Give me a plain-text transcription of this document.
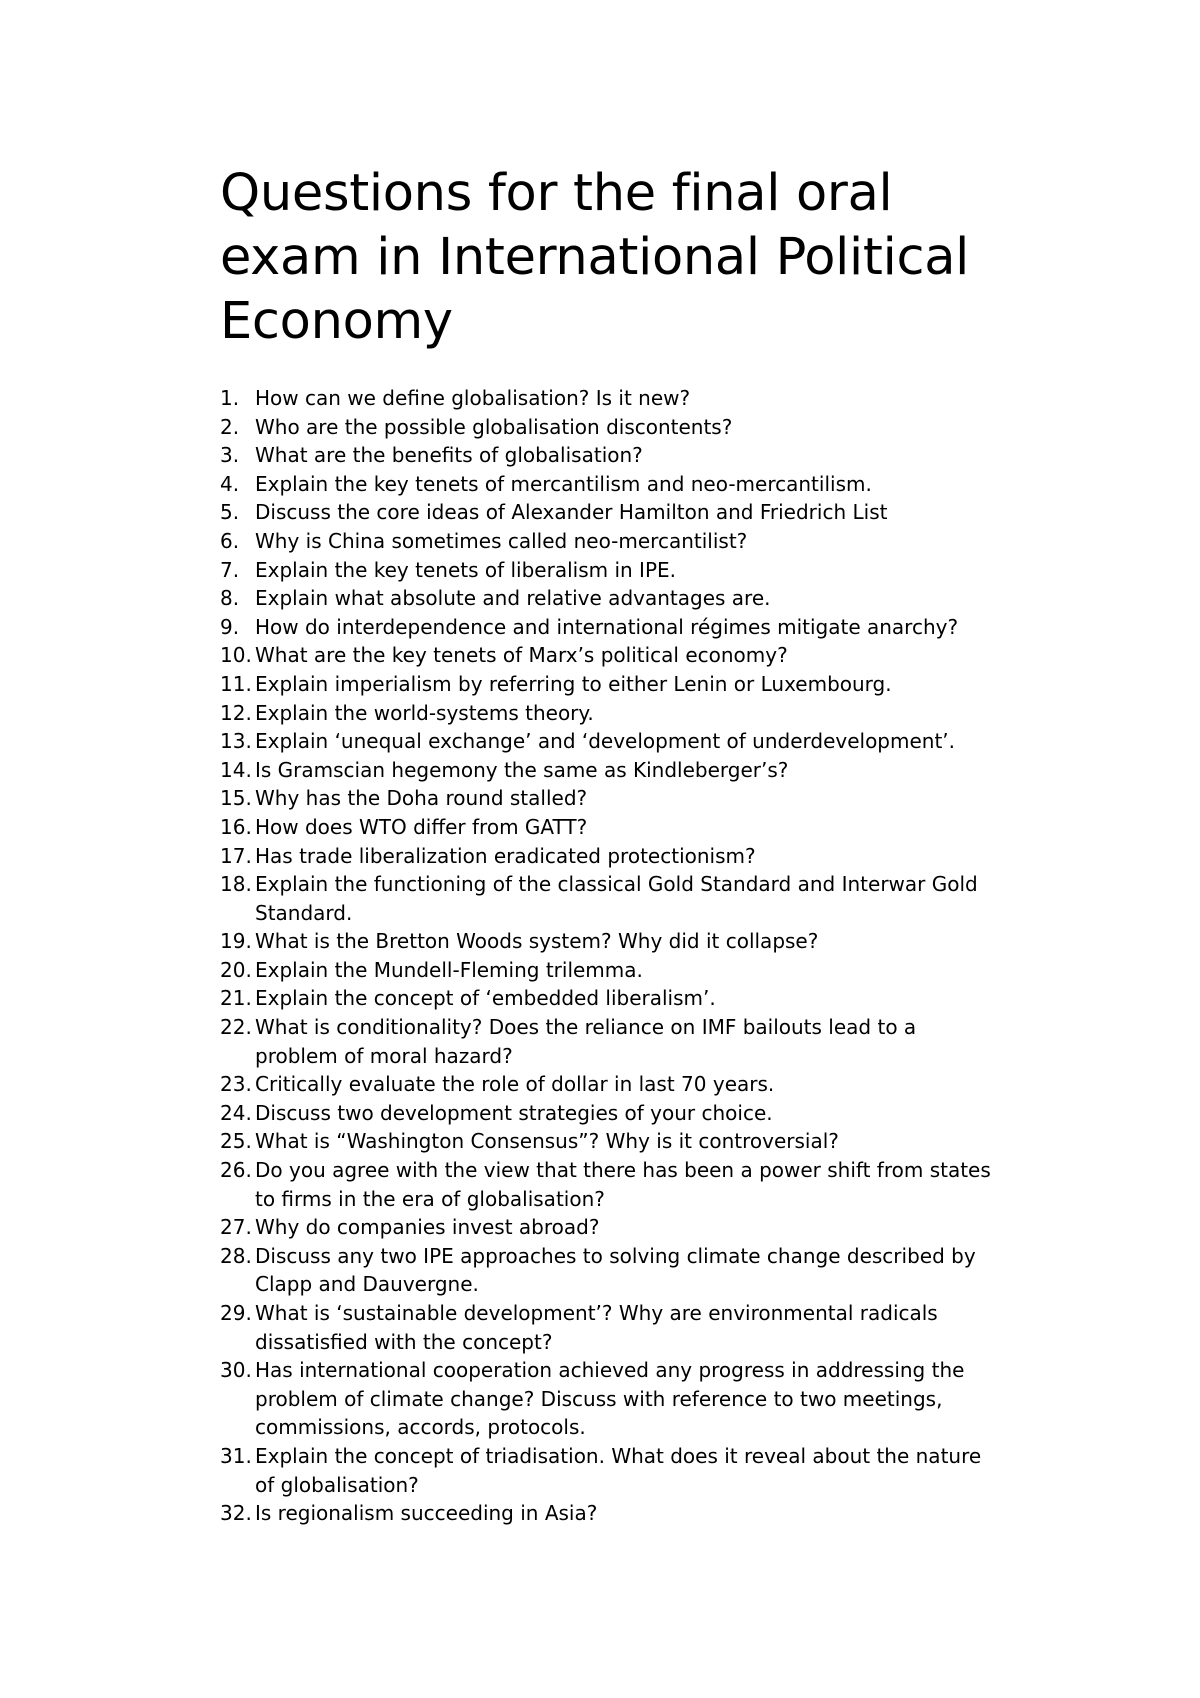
Questions for the final oral exam in International Political Economy
1. How can we define globalisation? Is it new?
2. Who are the possible globalisation discontents?
3. What are the benefits of globalisation?
4. Explain the key tenets of mercantilism and neo-mercantilism.
5. Discuss the core ideas of Alexander Hamilton and Friedrich List
6. Why is China sometimes called neo-mercantilist?
7. Explain the key tenets of liberalism in IPE.
8. Explain what absolute and relative advantages are.
9. How do interdependence and international régimes mitigate anarchy?
10. What are the key tenets of Marx’s political economy?
11. Explain imperialism by referring to either Lenin or Luxembourg.
12. Explain the world-systems theory.
13. Explain ‘unequal exchange’ and ‘development of underdevelopment’.
14. Is Gramscian hegemony the same as Kindleberger’s?
15. Why has the Doha round stalled?
16. How does WTO differ from GATT?
17. Has trade liberalization eradicated protectionism?
18. Explain the functioning of the classical Gold Standard and Interwar Gold Standard.
19. What is the Bretton Woods system? Why did it collapse?
20. Explain the Mundell-Fleming trilemma.
21. Explain the concept of ‘embedded liberalism’.
22. What is conditionality? Does the reliance on IMF bailouts lead to a problem of moral hazard?
23. Critically evaluate the role of dollar in last 70 years.
24. Discuss two development strategies of your choice.
25. What is “Washington Consensus”? Why is it controversial?
26. Do you agree with the view that there has been a power shift from states to firms in the era of globalisation?
27. Why do companies invest abroad?
28. Discuss any two IPE approaches to solving climate change described by Clapp and Dauvergne.
29. What is ‘sustainable development’? Why are environmental radicals dissatisfied with the concept?
30. Has international cooperation achieved any progress in addressing the problem of climate change? Discuss with reference to two meetings, commissions, accords, protocols.
31. Explain the concept of triadisation. What does it reveal about the nature of globalisation?
32. Is regionalism succeeding in Asia?
